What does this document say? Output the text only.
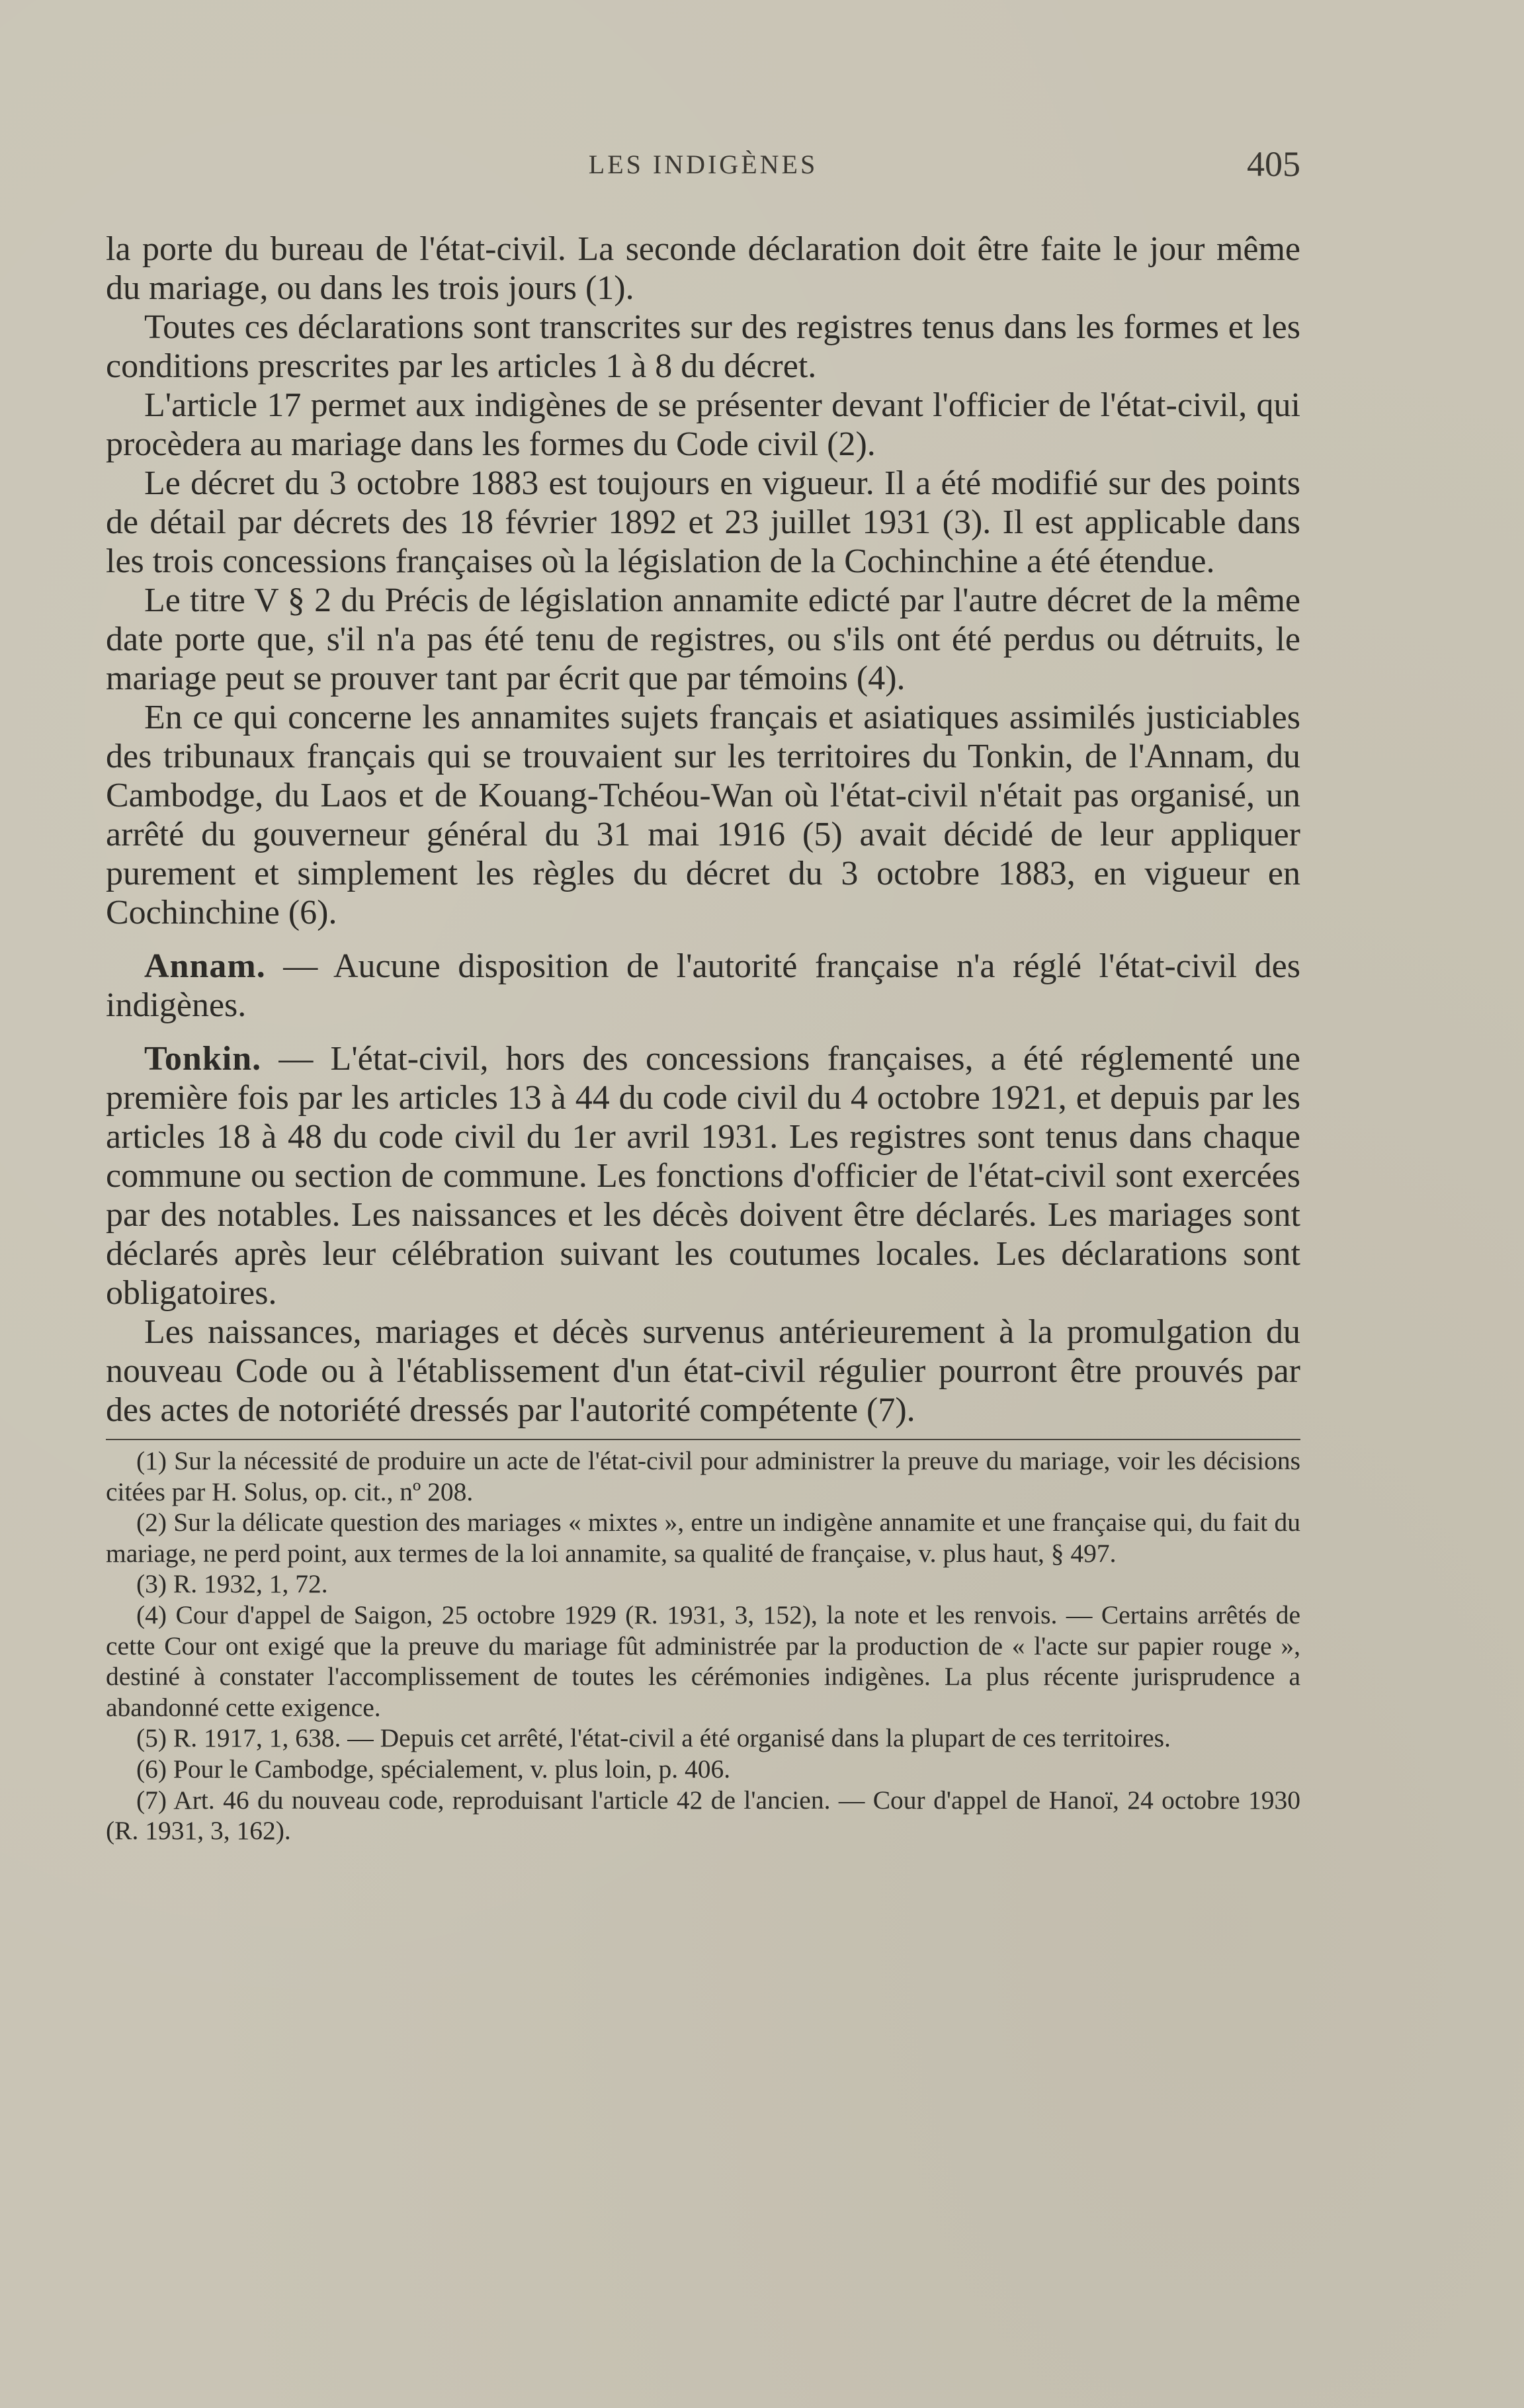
LES INDIGÈNES	405

la porte du bureau de l'état-civil. La seconde déclaration doit être faite le jour même du mariage, ou dans les trois jours (1).

Toutes ces déclarations sont transcrites sur des registres tenus dans les formes et les conditions prescrites par les articles 1 à 8 du décret.

L'article 17 permet aux indigènes de se présenter devant l'officier de l'état-civil, qui procèdera au mariage dans les formes du Code civil (2).

Le décret du 3 octobre 1883 est toujours en vigueur. Il a été modifié sur des points de détail par décrets des 18 février 1892 et 23 juillet 1931 (3). Il est applicable dans les trois concessions françaises où la législation de la Cochinchine a été étendue.

Le titre V § 2 du Précis de législation annamite edicté par l'autre décret de la même date porte que, s'il n'a pas été tenu de registres, ou s'ils ont été perdus ou détruits, le mariage peut se prouver tant par écrit que par témoins (4).

En ce qui concerne les annamites sujets français et asiatiques assimilés justiciables des tribunaux français qui se trouvaient sur les territoires du Tonkin, de l'Annam, du Cambodge, du Laos et de Kouang-Tchéou-Wan où l'état-civil n'était pas organisé, un arrêté du gouverneur général du 31 mai 1916 (5) avait décidé de leur appliquer purement et simplement les règles du décret du 3 octobre 1883, en vigueur en Cochinchine (6).

Annam. — Aucune disposition de l'autorité française n'a réglé l'état-civil des indigènes.

Tonkin. — L'état-civil, hors des concessions françaises, a été réglementé une première fois par les articles 13 à 44 du code civil du 4 octobre 1921, et depuis par les articles 18 à 48 du code civil du 1er avril 1931. Les registres sont tenus dans chaque commune ou section de commune. Les fonctions d'officier de l'état-civil sont exercées par des notables. Les naissances et les décès doivent être déclarés. Les mariages sont déclarés après leur célébration suivant les coutumes locales. Les déclarations sont obligatoires.

Les naissances, mariages et décès survenus antérieurement à la promulgation du nouveau Code ou à l'établissement d'un état-civil régulier pourront être prouvés par des actes de notoriété dressés par l'autorité compétente (7).

(1) Sur la nécessité de produire un acte de l'état-civil pour administrer la preuve du mariage, voir les décisions citées par H. Solus, op. cit., nº 208.

(2) Sur la délicate question des mariages « mixtes », entre un indigène annamite et une française qui, du fait du mariage, ne perd point, aux termes de la loi annamite, sa qualité de française, v. plus haut, § 497.

(3) R. 1932, 1, 72.

(4) Cour d'appel de Saigon, 25 octobre 1929 (R. 1931, 3, 152), la note et les renvois. — Certains arrêtés de cette Cour ont exigé que la preuve du mariage fût administrée par la production de « l'acte sur papier rouge », destiné à constater l'accomplissement de toutes les cérémonies indigènes. La plus récente jurisprudence a abandonné cette exigence.

(5) R. 1917, 1, 638. — Depuis cet arrêté, l'état-civil a été organisé dans la plupart de ces territoires.

(6) Pour le Cambodge, spécialement, v. plus loin, p. 406.

(7) Art. 46 du nouveau code, reproduisant l'article 42 de l'ancien. — Cour d'appel de Hanoï, 24 octobre 1930 (R. 1931, 3, 162).
